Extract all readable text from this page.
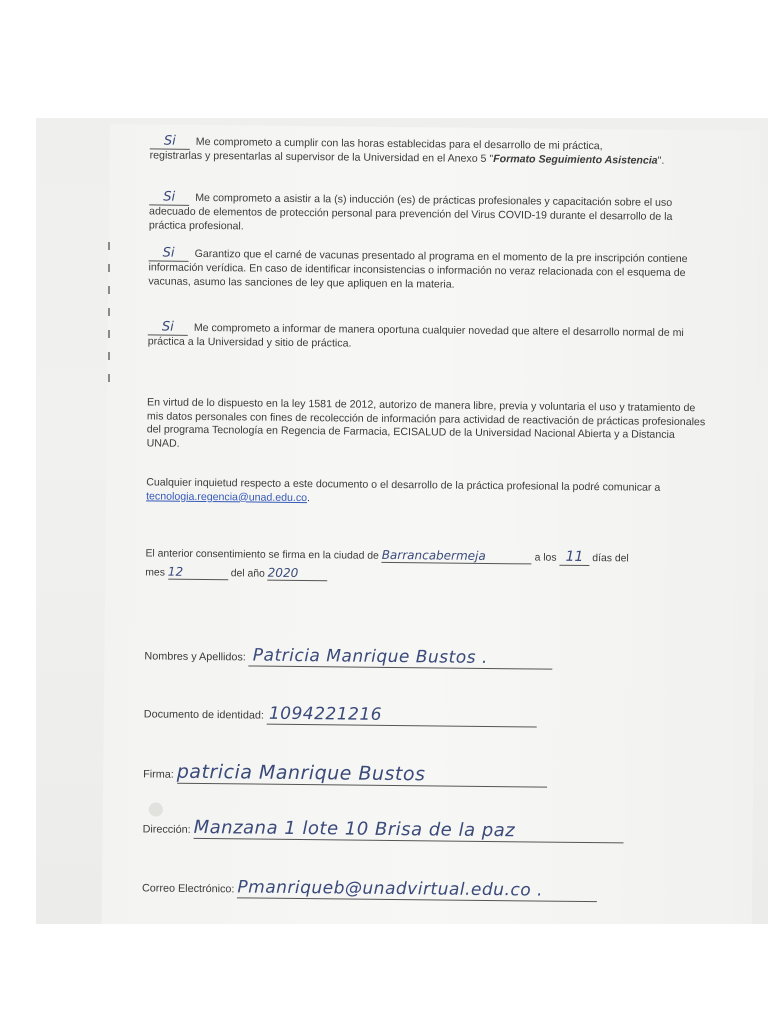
Si Me comprometo a cumplir con las horas establecidas para el desarrollo de mi práctica,
registrarlas y presentarlas al supervisor de la Universidad en el Anexo 5 "Formato Seguimiento Asistencia".
Si Me comprometo a asistir a la (s) inducción (es) de prácticas profesionales y capacitación sobre el uso adecuado de elementos de protección personal para prevención del Virus COVID-19 durante el desarrollo de la práctica profesional.
Si Garantizo que el carné de vacunas presentado al programa en el momento de la pre inscripción contiene información verídica. En caso de identificar inconsistencias o información no veraz relacionada con el esquema de vacunas, asumo las sanciones de ley que apliquen en la materia.
Si Me comprometo a informar de manera oportuna cualquier novedad que altere el desarrollo normal de mi práctica a la Universidad y sitio de práctica.
En virtud de lo dispuesto en la ley 1581 de 2012, autorizo de manera libre, previa y voluntaria el uso y tratamiento de mis datos personales con fines de recolección de información para actividad de reactivación de prácticas profesionales del programa Tecnología en Regencia de Farmacia, ECISALUD de la Universidad Nacional Abierta y a Distancia UNAD.
Cualquier inquietud respecto a este documento o el desarrollo de la práctica profesional la podré comunicar a tecnologia.regencia@unad.edu.co.
El anterior consentimiento se firma en la ciudad de Barrancabermeja	a los 11 días del
mes 12	del año 2020
Nombres y Apellidos: Patricia Manrique Bustos .
Documento de identidad: 1094221216
Firma: patricia Manrique Bustos
Dirección: Manzana 1 lote 10 Brisa de la paz
Correo Electrónico: Pmanriqueb@unadvirtual.edu.co .
